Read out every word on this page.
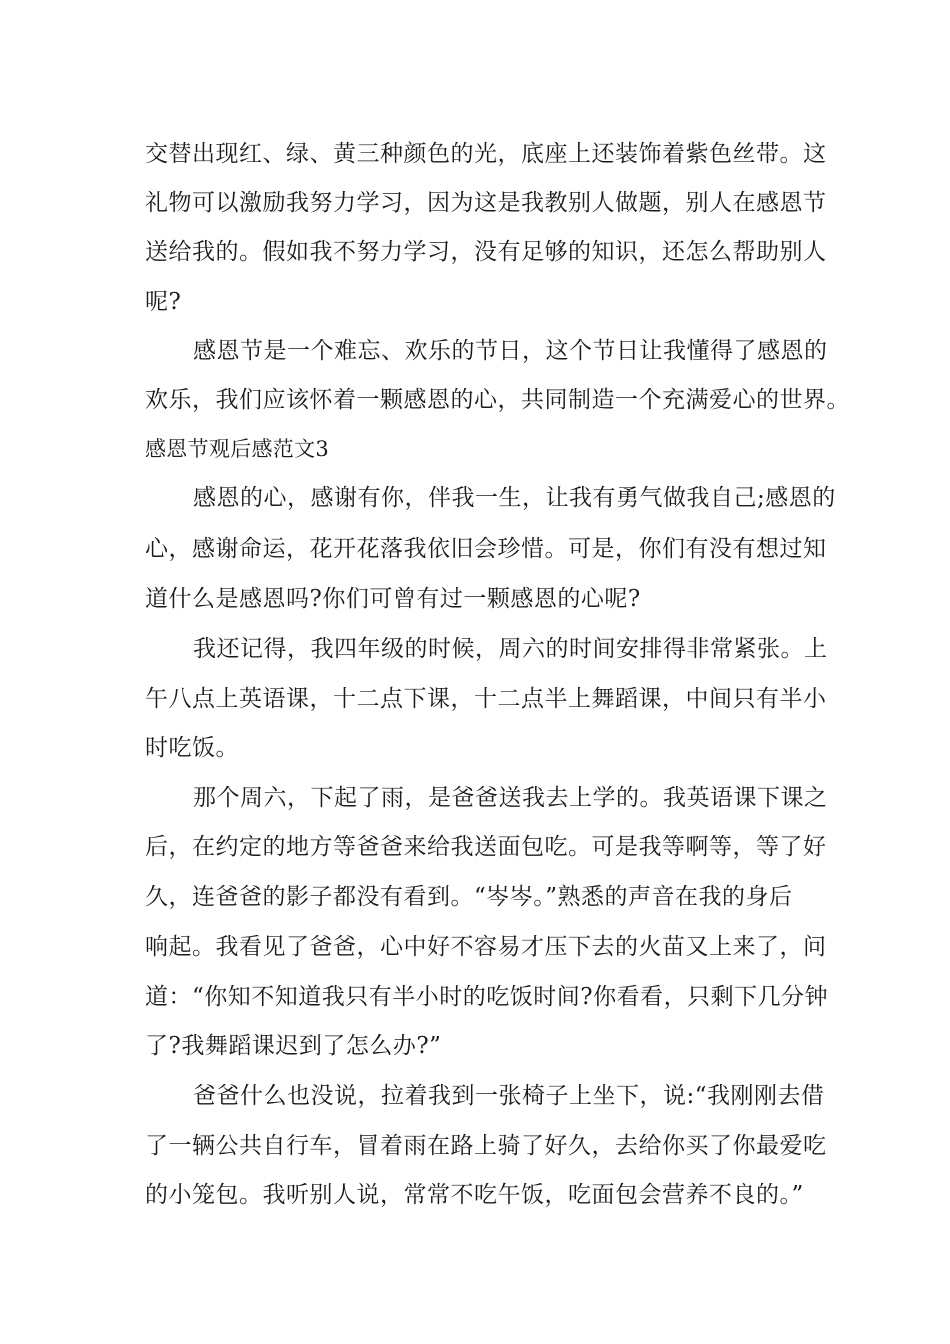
交替出现红、绿、黄三种颜色的光，底座上还装饰着紫色丝带。这
礼物可以激励我努力学习，因为这是我教别人做题，别人在感恩节
送给我的。假如我不努力学习，没有足够的知识，还怎么帮助别人
呢?
感恩节是一个难忘、欢乐的节日，这个节日让我懂得了感恩的
欢乐，我们应该怀着一颗感恩的心，共同制造一个充满爱心的世界。
感恩节观后感范文3
感恩的心，感谢有你，伴我一生，让我有勇气做我自己;感恩的
心，感谢命运，花开花落我依旧会珍惜。可是，你们有没有想过知
道什么是感恩吗?你们可曾有过一颗感恩的心呢?
我还记得，我四年级的时候，周六的时间安排得非常紧张。上
午八点上英语课，十二点下课，十二点半上舞蹈课，中间只有半小
时吃饭。
那个周六，下起了雨，是爸爸送我去上学的。我英语课下课之
后，在约定的地方等爸爸来给我送面包吃。可是我等啊等，等了好
久，连爸爸的影子都没有看到。“岑岑。”熟悉的声音在我的身后
响起。我看见了爸爸，心中好不容易才压下去的火苗又上来了，问
道：“你知不知道我只有半小时的吃饭时间?你看看，只剩下几分钟
了?我舞蹈课迟到了怎么办?”
爸爸什么也没说，拉着我到一张椅子上坐下，说:“我刚刚去借
了一辆公共自行车，冒着雨在路上骑了好久，去给你买了你最爱吃
的小笼包。我听别人说，常常不吃午饭，吃面包会营养不良的。”
